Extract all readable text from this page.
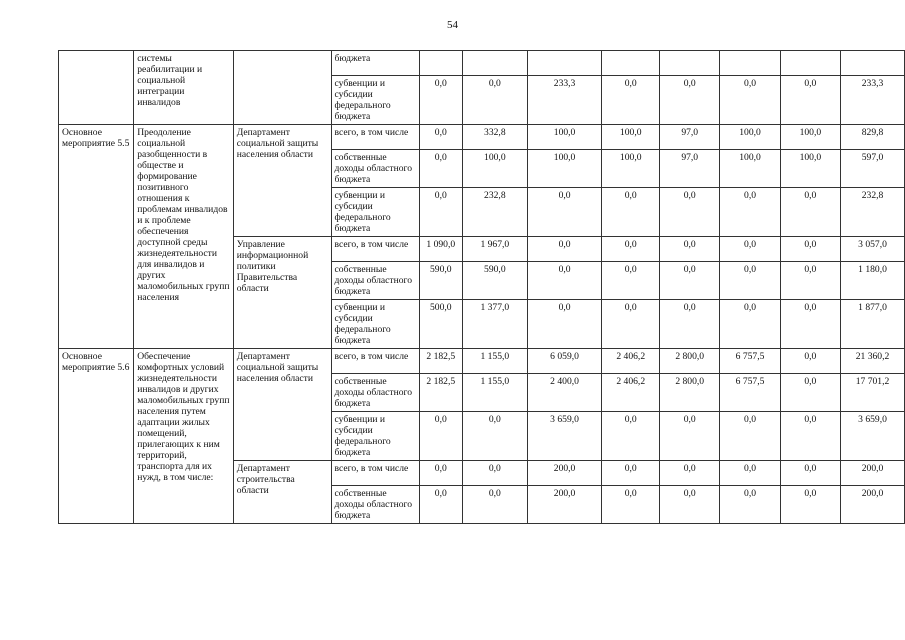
54
	системы реабилитации и социальной интеграции инвалидов		бюджета								
			субвенции и субсидии федерального бюджета	0,0	0,0	233,3	0,0	0,0	0,0	0,0	233,3
Основное мероприятие 5.5	Преодоление социальной разобщенности в обществе и формирование позитивного отношения к проблемам инвалидов и к проблеме обеспечения доступной среды жизнедеятельности для инвалидов и других маломобильных групп населения	Департамент социальной защиты населения области	всего, в том числе	0,0	332,8	100,0	100,0	97,0	100,0	100,0	829,8
			собственные доходы областного бюджета	0,0	100,0	100,0	100,0	97,0	100,0	100,0	597,0
			субвенции и субсидии федерального бюджета	0,0	232,8	0,0	0,0	0,0	0,0	0,0	232,8
		Управление информационной политики Правительства области	всего, в том числе	1 090,0	1 967,0	0,0	0,0	0,0	0,0	0,0	3 057,0
			собственные доходы областного бюджета	590,0	590,0	0,0	0,0	0,0	0,0	0,0	1 180,0
			субвенции и субсидии федерального бюджета	500,0	1 377,0	0,0	0,0	0,0	0,0	0,0	1 877,0
Основное мероприятие 5.6	Обеспечение комфортных условий жизнедеятельности инвалидов и других маломобильных групп населения путем адаптации жилых помещений, прилегающих к ним территорий, транспорта для их нужд, в том числе:	Департамент социальной защиты населения области	всего, в том числе	2 182,5	1 155,0	6 059,0	2 406,2	2 800,0	6 757,5	0,0	21 360,2
			собственные доходы областного бюджета	2 182,5	1 155,0	2 400,0	2 406,2	2 800,0	6 757,5	0,0	17 701,2
			субвенции и субсидии федерального бюджета	0,0	0,0	3 659,0	0,0	0,0	0,0	0,0	3 659,0
		Департамент строительства области	всего, в том числе	0,0	0,0	200,0	0,0	0,0	0,0	0,0	200,0
			собственные доходы областного бюджета	0,0	0,0	200,0	0,0	0,0	0,0	0,0	200,0
